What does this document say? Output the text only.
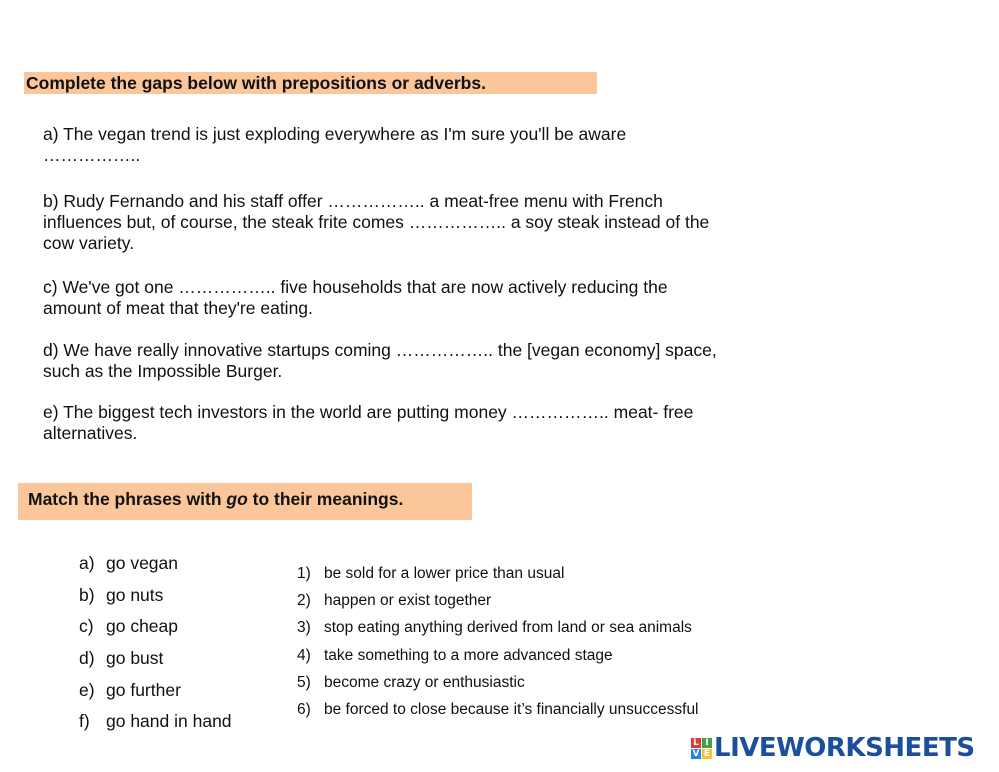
Complete the gaps below with prepositions or adverbs.
a) The vegan trend is just exploding everywhere as I'm sure you'll be aware
……………..
b) Rudy Fernando and his staff offer …………….. a meat-free menu with French
influences but, of course, the steak frite comes …………….. a soy steak instead of the
cow variety.
c) We've got one …………….. five households that are now actively reducing the
amount of meat that they're eating.
d) We have really innovative startups coming …………….. the [vegan economy] space,
such as the Impossible Burger.
e) The biggest tech investors in the world are putting money …………….. meat- free
alternatives.
Match the phrases with go to their meanings.
a) go vegan
b) go nuts
c) go cheap
d) go bust
e) go further
f) go hand in hand
1) be sold for a lower price than usual
2) happen or exist together
3) stop eating anything derived from land or sea animals
4) take something to a more advanced stage
5) become crazy or enthusiastic
6) be forced to close because it’s financially unsuccessful
L I
V E LIVEWORKSHEETS
